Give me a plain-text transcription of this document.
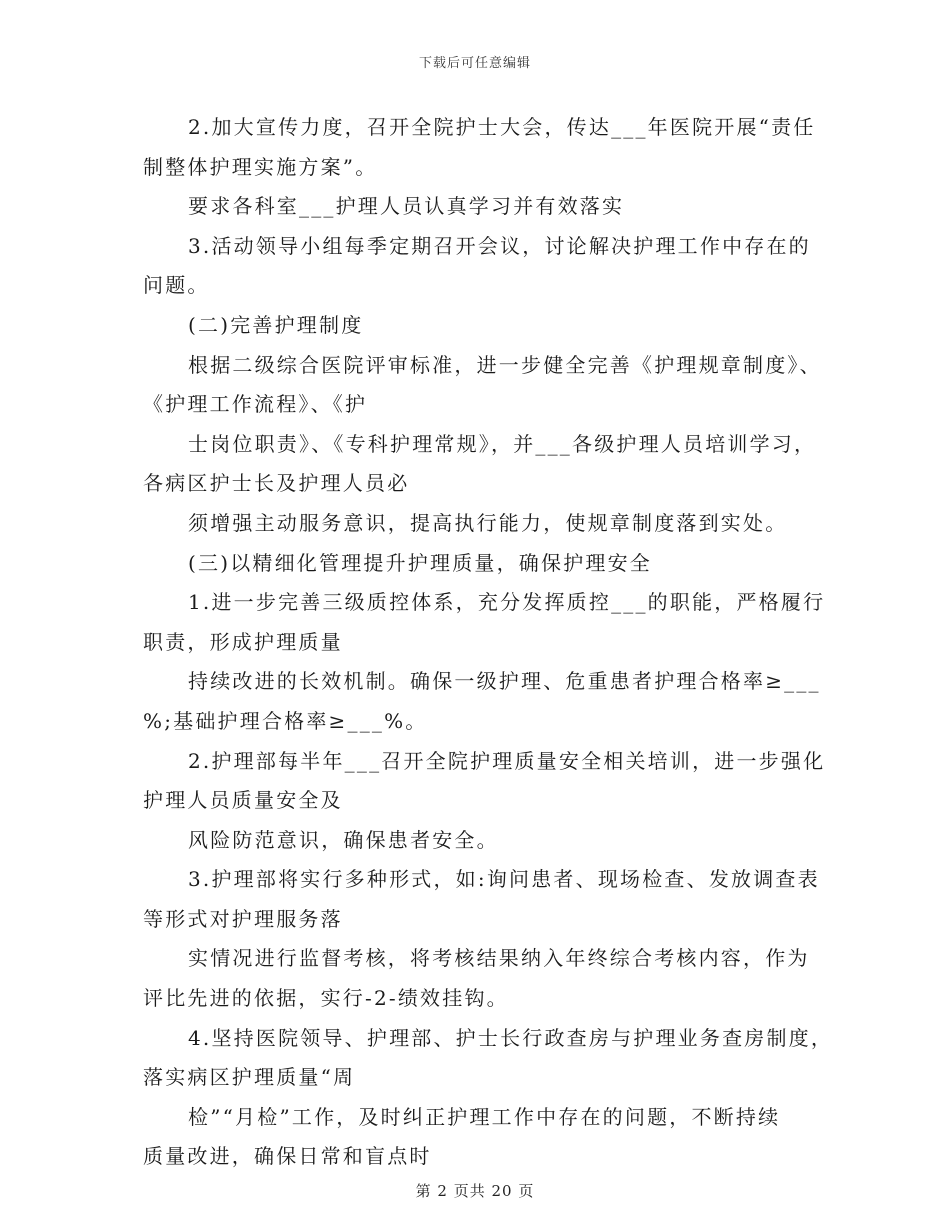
下载后可任意编辑
2.加大宣传力度，召开全院护士大会，传达___年医院开展“责任
制整体护理实施方案”。
要求各科室___护理人员认真学习并有效落实
3.活动领导小组每季定期召开会议，讨论解决护理工作中存在的
问题。
(二)完善护理制度
根据二级综合医院评审标准，进一步健全完善《护理规章制度》、
《护理工作流程》、《护
士岗位职责》、《专科护理常规》，并___各级护理人员培训学习，
各病区护士长及护理人员必
须增强主动服务意识，提高执行能力，使规章制度落到实处。
(三)以精细化管理提升护理质量，确保护理安全
1.进一步完善三级质控体系，充分发挥质控___的职能，严格履行
职责，形成护理质量
持续改进的长效机制。确保一级护理、危重患者护理合格率≥___
%;基础护理合格率≥___%。
2.护理部每半年___召开全院护理质量安全相关培训，进一步强化
护理人员质量安全及
风险防范意识，确保患者安全。
3.护理部将实行多种形式，如:询问患者、现场检查、发放调查表
等形式对护理服务落
实情况进行监督考核，将考核结果纳入年终综合考核内容，作为
评比先进的依据，实行-2-绩效挂钩。
4.坚持医院领导、护理部、护士长行政查房与护理业务查房制度，
落实病区护理质量“周
检”“月检”工作，及时纠正护理工作中存在的问题，不断持续
质量改进，确保日常和盲点时
第 2 页共 20 页
